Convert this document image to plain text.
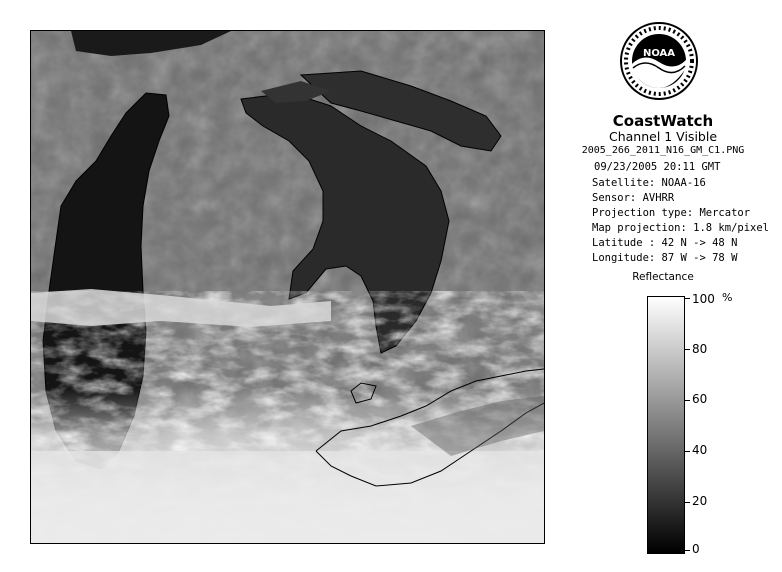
NOAA
CoastWatch
Channel 1 Visible
2005_266_2011_N16_GM_C1.PNG
09/23/2005 20:11 GMT
Satellite: NOAA-16
Sensor: AVHRR
Projection type: Mercator
Map projection: 1.8 km/pixel
Latitude : 42 N -> 48 N
Longitude: 87 W -> 78 W
Reflectance
%
100
80
60
40
20
0
